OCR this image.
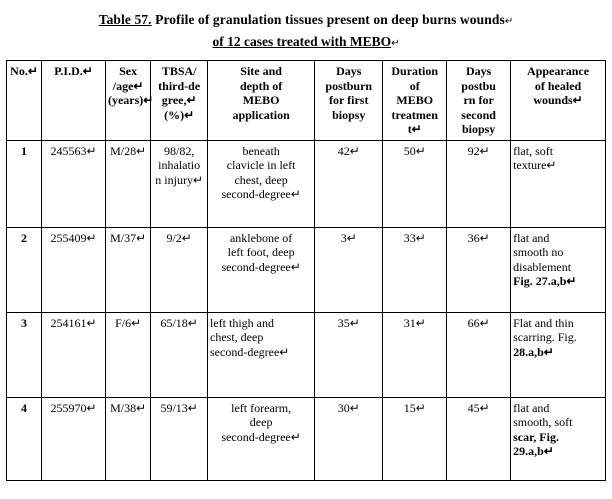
Table 57. Profile of granulation tissues present on deep burns wounds↵
of 12 cases treated with MEBO↵
No.↵	P.I.D.↵	Sex
/age↵
(years)↵	TBSA/
third-de
gree,↵
(%)↵	Site and
depth of
MEBO
application	Days
postburn
for first
biopsy	Duration
of
MEBO
treatmen
t↵	Days
postbu
rn for
second
biopsy	Appearance
of healed
wounds↵

1	245563↵	M/28↵	98/82,
inhalatio
n injury↵	beneath
clavicle in left
chest, deep
second-degree↵	42↵	50↵	92↵	flat, soft
texture↵

2	255409↵	M/37↵	9/2↵	anklebone of
left foot, deep
second-degree↵	3↵	33↵	36↵	flat and
smooth no
disablement
Fig. 27.a,b↵

3	254161↵	F/6↵	65/18↵	left thigh and
chest, deep
second-degree↵	35↵	31↵	66↵	Flat and thin
scarring. Fig.
28.a,b↵

4	255970↵	M/38↵	59/13↵	left forearm,
deep
second-degree↵	30↵	15↵	45↵	flat and
smooth, soft
scar, Fig.
29.a,b↵
